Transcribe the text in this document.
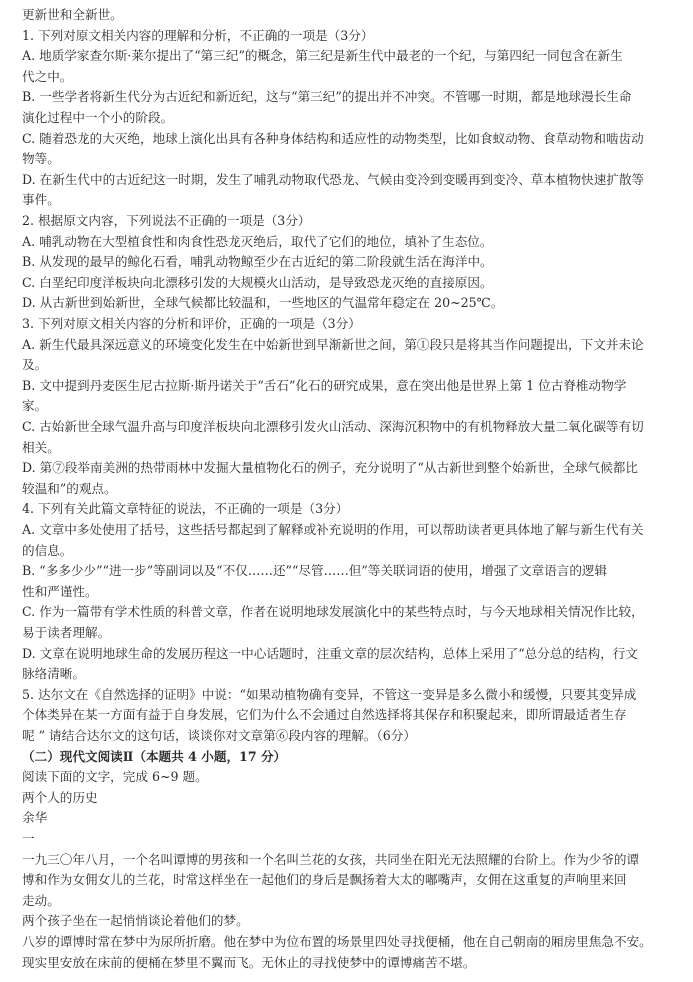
更新世和全新世。
1. 下列对原文相关内容的理解和分析，不正确的一项是（3分）
A. 地质学家查尔斯·莱尔提出了“第三纪”的概念，第三纪是新生代中最老的一个纪，与第四纪一同包含在新生
代之中。
B. 一些学者将新生代分为古近纪和新近纪，这与“第三纪”的提出并不冲突。不管哪一时期，都是地球漫长生命
演化过程中一个小的阶段。
C. 随着恐龙的大灭绝，地球上演化出具有各种身体结构和适应性的动物类型，比如食蚁动物、食草动物和啮齿动
物等。
D. 在新生代中的古近纪这一时期，发生了哺乳动物取代恐龙、气候由变冷到变暖再到变冷、草本植物快速扩散等
事件。
2. 根据原文内容，下列说法不正确的一项是（3分）
A. 哺乳动物在大型植食性和肉食性恐龙灭绝后，取代了它们的地位，填补了生态位。
B. 从发现的最早的鲸化石看，哺乳动物鲸至少在古近纪的第二阶段就生活在海洋中。
C. 白垩纪印度洋板块向北漂移引发的大规模火山活动，是导致恐龙灭绝的直接原因。
D. 从古新世到始新世，全球气候都比较温和，一些地区的气温常年稳定在 20~25℃。
3. 下列对原文相关内容的分析和评价，正确的一项是（3分）
A. 新生代最具深远意义的环境变化发生在中始新世到早渐新世之间，第①段只是将其当作问题提出，下文并未论
及。
B. 文中提到丹麦医生尼古拉斯·斯丹诺关于“舌石”化石的研究成果，意在突出他是世界上第 1 位古脊椎动物学
家。
C. 古始新世全球气温升高与印度洋板块向北漂移引发火山活动、深海沉积物中的有机物释放大量二氧化碳等有切
相关。
D. 第⑦段举南美洲的热带雨林中发掘大量植物化石的例子，充分说明了“从古新世到整个始新世，全球气候都比
较温和”的观点。
4. 下列有关此篇文章特征的说法，不正确的一项是（3分）
A. 文章中多处使用了括号，这些括号都起到了解释或补充说明的作用，可以帮助读者更具体地了解与新生代有关
的信息。
B. “多多少少”“进一步”等副词以及“不仅……还”“尽管……但”等关联词语的使用，增强了文章语言的逻辑
性和严谨性。
C. 作为一篇带有学术性质的科普文章，作者在说明地球发展演化中的某些特点时，与今天地球相关情况作比较，
易于读者理解。
D. 文章在说明地球生命的发展历程这一中心话题时，注重文章的层次结构，总体上采用了“总分总的结构，行文
脉络清晰。
5. 达尔文在《自然选择的证明》中说：“如果动植物确有变异，不管这一变异是多么微小和缓慢，只要其变异成
个体类异在某一方面有益于自身发展，它们为什么不会通过自然选择将其保存和积聚起来，即所谓最适者生存
呢 ” 请结合达尔文的这句话，谈谈你对文章第⑥段内容的理解。（6分）
（二）现代文阅读Ⅱ（本题共 4 小题，17 分）
阅读下面的文字，完成 6~9 题。
两个人的历史
余华
一
一九三〇年八月，一个名叫谭博的男孩和一个名叫兰花的女孩，共同坐在阳光无法照耀的台阶上。作为少爷的谭
博和作为女佣女儿的兰花，时常这样坐在一起他们的身后是飘扬着大太的嘟嘴声，女佣在这重复的声响里来回
走动。
两个孩子坐在一起悄悄谈论着他们的梦。
八岁的谭博时常在梦中为尿所折磨。他在梦中为位布置的场景里四处寻找便桶，他在自己朝南的厢房里焦急不安。
现实里安放在床前的便桶在梦里不翼而飞。无休止的寻找使梦中的谭博痛苦不堪。
